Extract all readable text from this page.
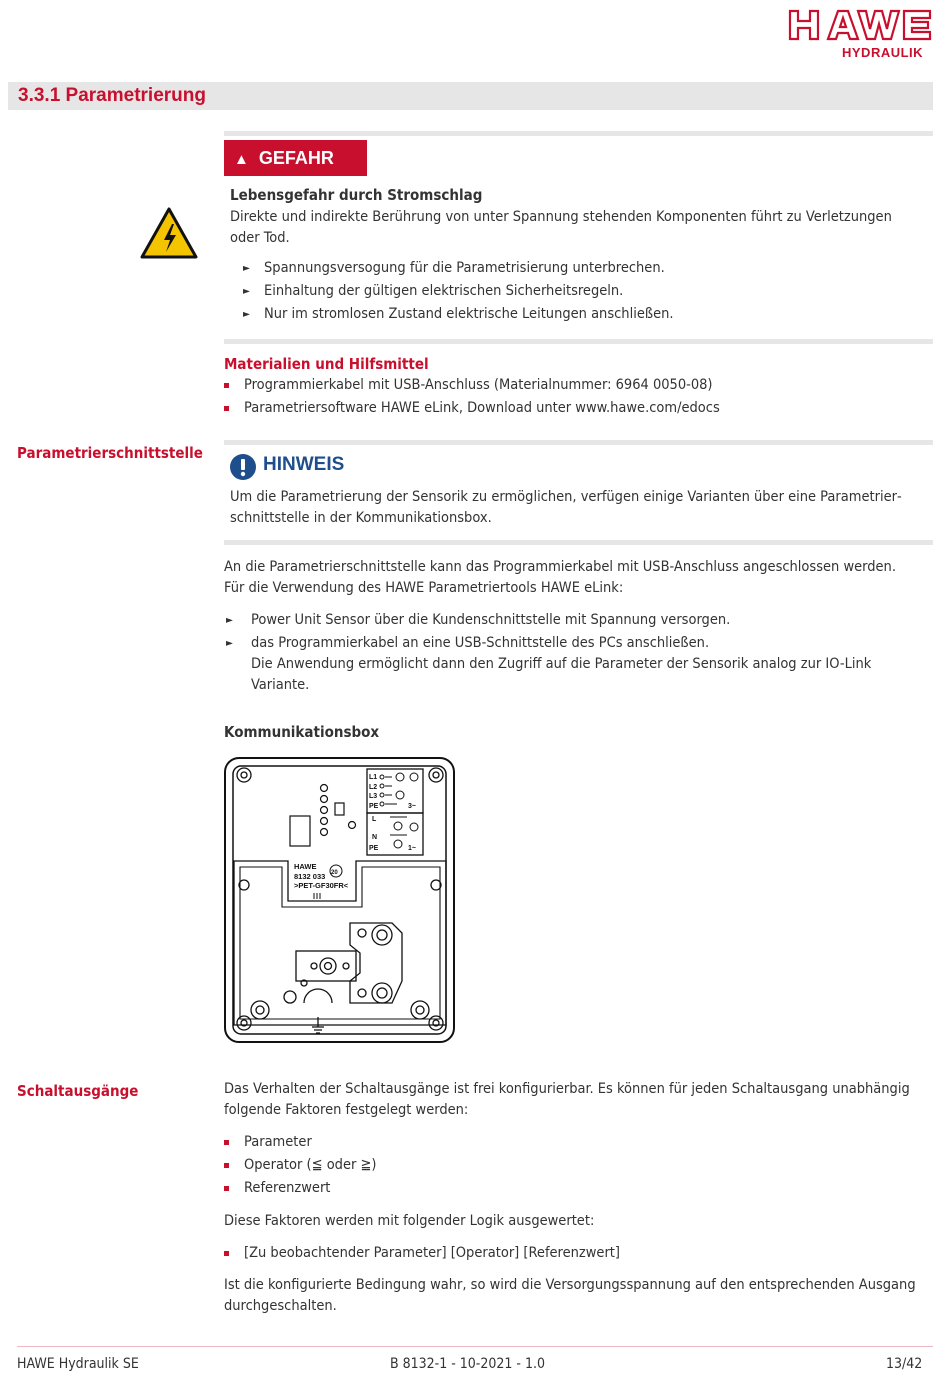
HYDRAULIK
3.3.1 Parametrierung
▲ GEFAHR
Lebensgefahr durch Stromschlag
Direkte und indirekte Berührung von unter Spannung stehenden Komponenten führt zu Verletzungen oder Tod.
► Spannungsversogung für die Parametrisierung unterbrechen.
► Einhaltung der gültigen elektrischen Sicherheitsregeln.
► Nur im stromlosen Zustand elektrische Leitungen anschließen.
Materialien und Hilfsmittel
Programmierkabel mit USB-Anschluss (Materialnummer: 6964 0050-08)
Parametriersoftware HAWE eLink, Download unter www.hawe.com/edocs
Parametrierschnittstelle
HINWEIS
Um die Parametrierung der Sensorik zu ermöglichen, verfügen einige Varianten über eine Parametrierschnittstelle in der Kommunikationsbox.
An die Parametrierschnittstelle kann das Programmierkabel mit USB-Anschluss angeschlossen werden.
Für die Verwendung des HAWE Parametriertools HAWE eLink:
► Power Unit Sensor über die Kundenschnittstelle mit Spannung versorgen.
► das Programmierkabel an eine USB-Schnittstelle des PCs anschließen.
Die Anwendung ermöglicht dann den Zugriff auf die Parameter der Sensorik analog zur IO-Link Variante.
Kommunikationsbox
L1
L2
L3
PE
L
N
PE
3~
1~
HAWE
8132 033
>PET-GF30FR<
20
Schaltausgänge	Das Verhalten der Schaltausgänge ist frei konfigurierbar. Es können für jeden Schaltausgang unabhängig folgende Faktoren festgelegt werden:
Parameter
Operator (≦ oder ≧)
Referenzwert
Diese Faktoren werden mit folgender Logik ausgewertet:
[Zu beobachtender Parameter] [Operator] [Referenzwert]
Ist die konfigurierte Bedingung wahr, so wird die Versorgungsspannung auf den entsprechenden Ausgang durchgeschalten.
HAWE Hydraulik SE	B 8132-1 - 10-2021 - 1.0	13/42
